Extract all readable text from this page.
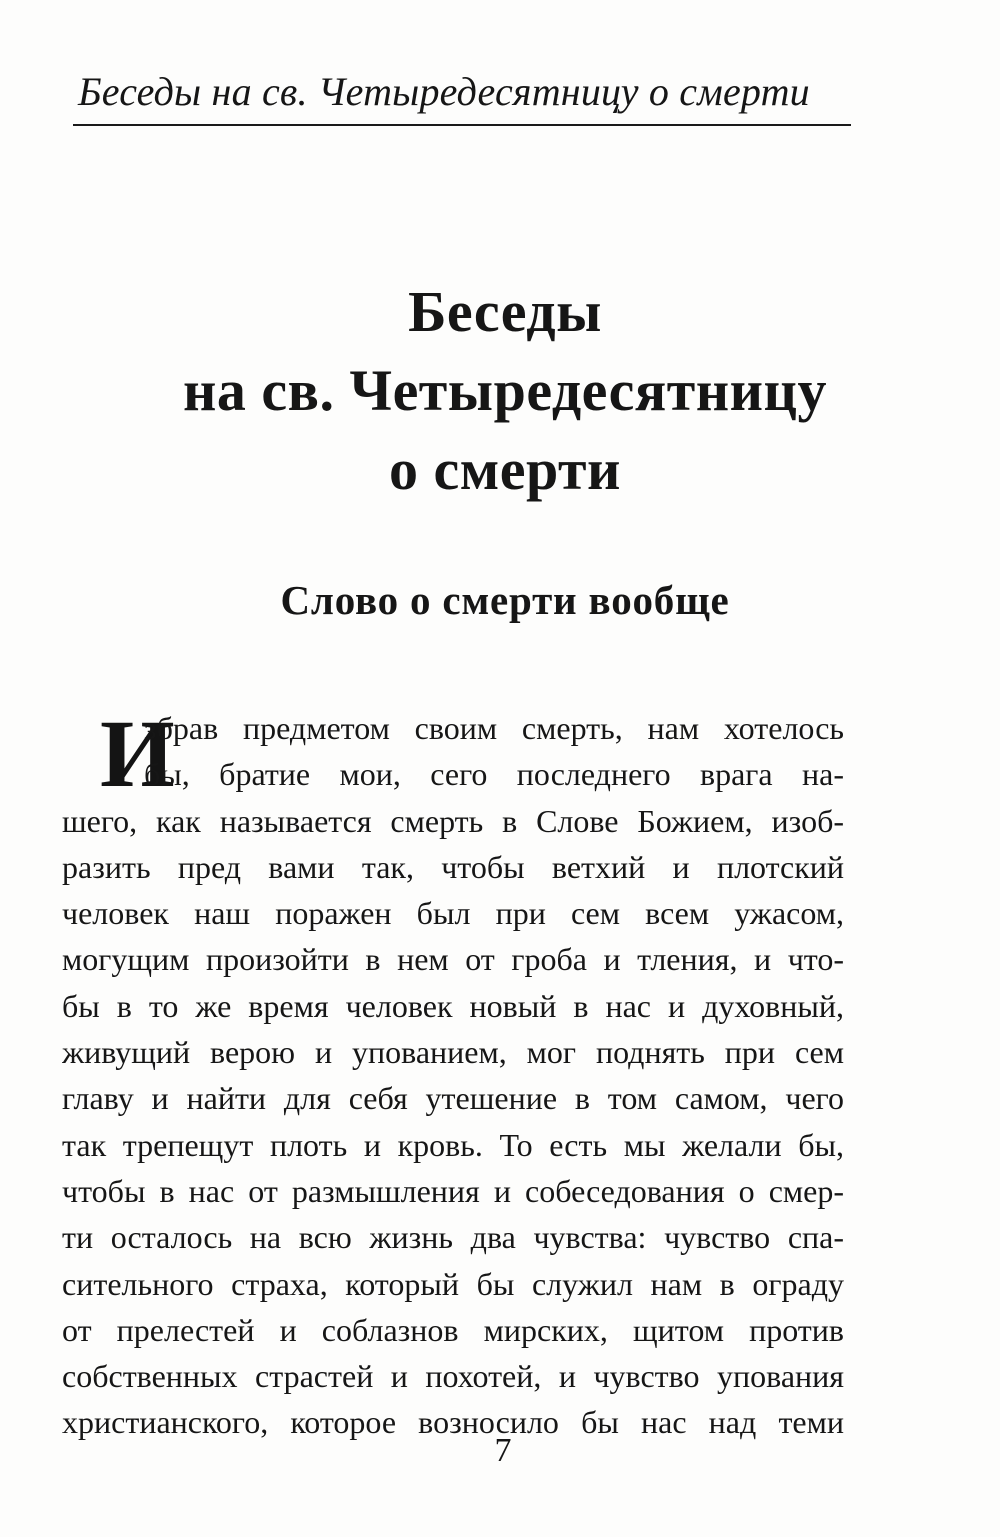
Беседы на св. Четыредесятницу о смерти
Беседы
на св. Четыредесятницу
о смерти
Слово о смерти вообще
И
збрав предметом своим смерть, нам хотелось
бы, братие мои, сего последнего врага на-
шего, как называется смерть в Слове Божием, изоб-
разить пред вами так, чтобы ветхий и плотский
человек наш поражен был при сем всем ужасом,
могущим произойти в нем от гроба и тления, и что-
бы в то же время человек новый в нас и духовный,
живущий верою и упованием, мог поднять при сем
главу и найти для себя утешение в том самом, чего
так трепещут плоть и кровь. То есть мы желали бы,
чтобы в нас от размышления и собеседования о смер-
ти осталось на всю жизнь два чувства: чувство спа-
сительного страха, который бы служил нам в ограду
от прелестей и соблазнов мирских, щитом против
собственных страстей и похотей, и чувство упования
христианского, которое возносило бы нас над теми
7
